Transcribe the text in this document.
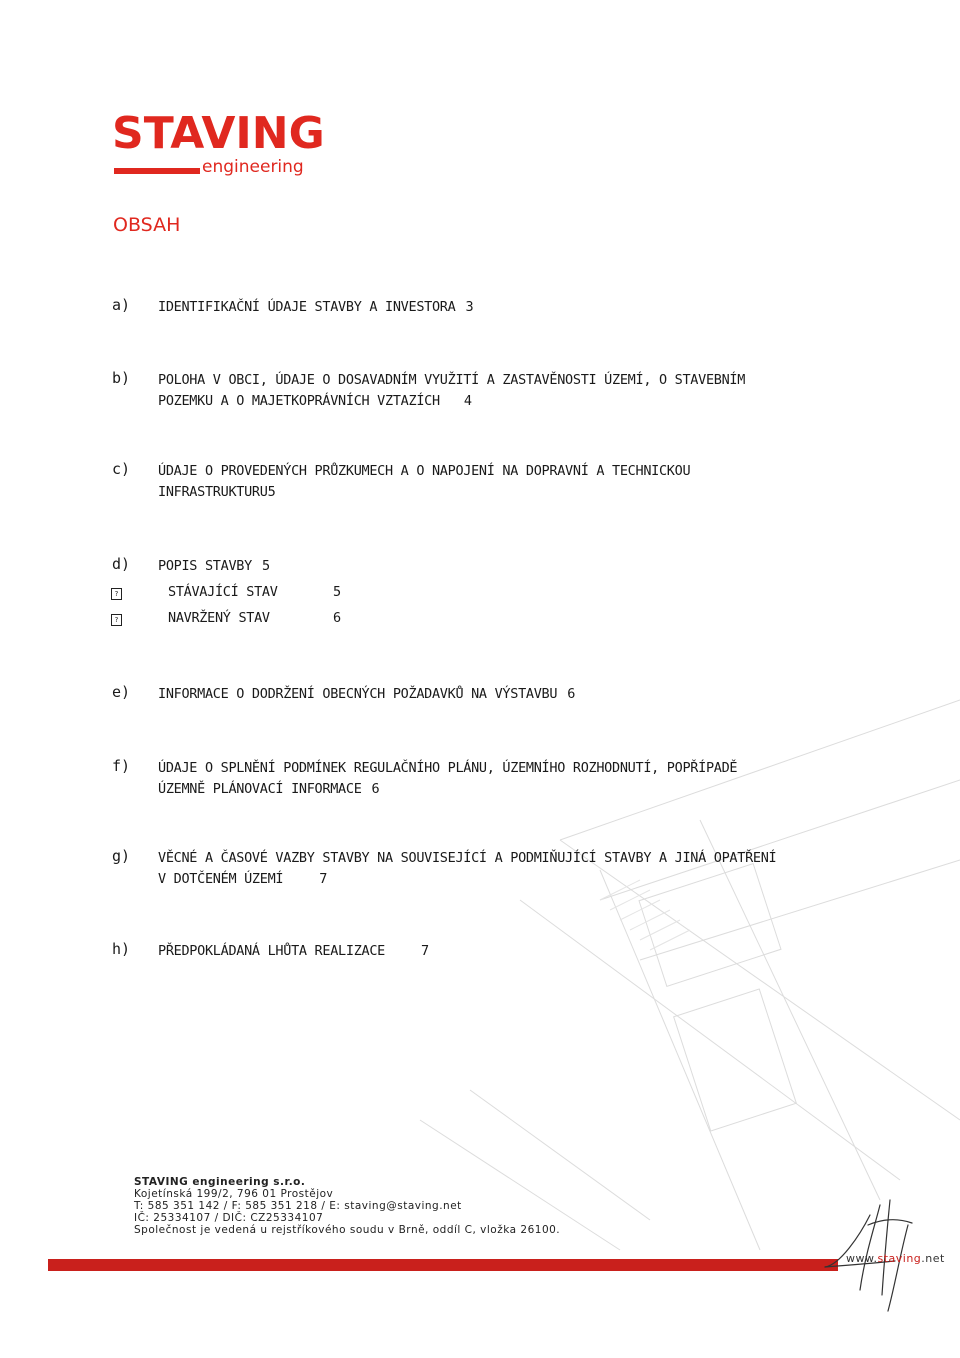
STAVING
engineering
OBSAH
a) IDENTIFIKAČNÍ ÚDAJE STAVBY A INVESTORA 3
b) POLOHA V OBCI, ÚDAJE O DOSAVADNÍM VYUŽITÍ A ZASTAVĚNOSTI ÚZEMÍ, O STAVEBNÍM
POZEMKU A O MAJETKOPRÁVNÍCH VZTAZÍCH 4
c) ÚDAJE O PROVEDENÝCH PRŮZKUMECH A O NAPOJENÍ NA DOPRAVNÍ A TECHNICKOU
INFRASTRUKTURU5
d) POPIS STAVBY 5
?	STÁVAJÍCÍ STAV	5
?	NAVRŽENÝ STAV	6
e) INFORMACE O DODRŽENÍ OBECNÝCH POŽADAVKŮ NA VÝSTAVBU 6
f) ÚDAJE O SPLNĚNÍ PODMÍNEK REGULAČNÍHO PLÁNU, ÚZEMNÍHO ROZHODNUTÍ, POPŘÍPADĚ
ÚZEMNĚ PLÁNOVACÍ INFORMACE 6
g) VĚCNÉ A ČASOVÉ VAZBY STAVBY NA SOUVISEJÍCÍ A PODMIŇUJÍCÍ STAVBY A JINÁ OPATŘENÍ
V DOTČENÉM ÚZEMÍ	7
h) PŘEDPOKLÁDANÁ LHŮTA REALIZACE	7
STAVING engineering s.r.o.
Kojetínská 199/2, 796 01 Prostějov
T: 585 351 142 / F: 585 351 218 / E: staving@staving.net
IČ: 25334107 / DIČ: CZ25334107
Společnost je vedená u rejstříkového soudu v Brně, oddíl C, vložka 26100.
www.staving.net
